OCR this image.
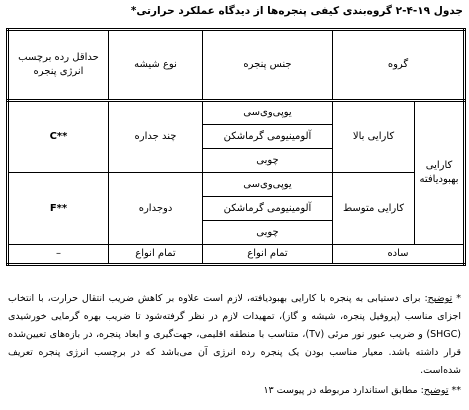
جدول ۱۹-۴-۲ گروه‌بندی کیفی پنجره‌ها از دیدگاه عملکرد حرارتی*
گروه		جنس پنجره	نوع شیشه	حداقل رده برچسب انرژی پنجره
کارایی بهبودیافته	کارایی بالا	یوپی‌وی‌سی	چند جداره	C**
		آلومینیومی گرماشکن		
		چوبی		
	کارایی متوسط	یوپی‌وی‌سی	دوجداره	F**
		آلومینیومی گرماشکن		
		چوبی		
ساده		تمام انواع	تمام انواع	–
* توضیح: برای دستیابی به پنجره با کارایی بهبودیافته، لازم است علاوه بر کاهش ضریب انتقال حرارت، با انتخاب اجزای مناسب (پروفیل پنجره، شیشه و گاز)، تمهیدات لازم در نظر گرفته‌شود تا ضریب بهره گرمایی خورشیدی (SHGC) و ضریب عبور نور مرئی (Tv)، متناسب با منطقه اقلیمی، جهت‌گیری و ابعاد پنجره، در بازه‌های تعیین‌شده قرار داشته باشد. معیار مناسب بودن یک پنجره رده انرژی آن می‌باشد که در برچسب انرژی پنجره تعریف شده‌است.
** توضیح: مطابق استاندارد مربوطه در پیوست ۱۳
